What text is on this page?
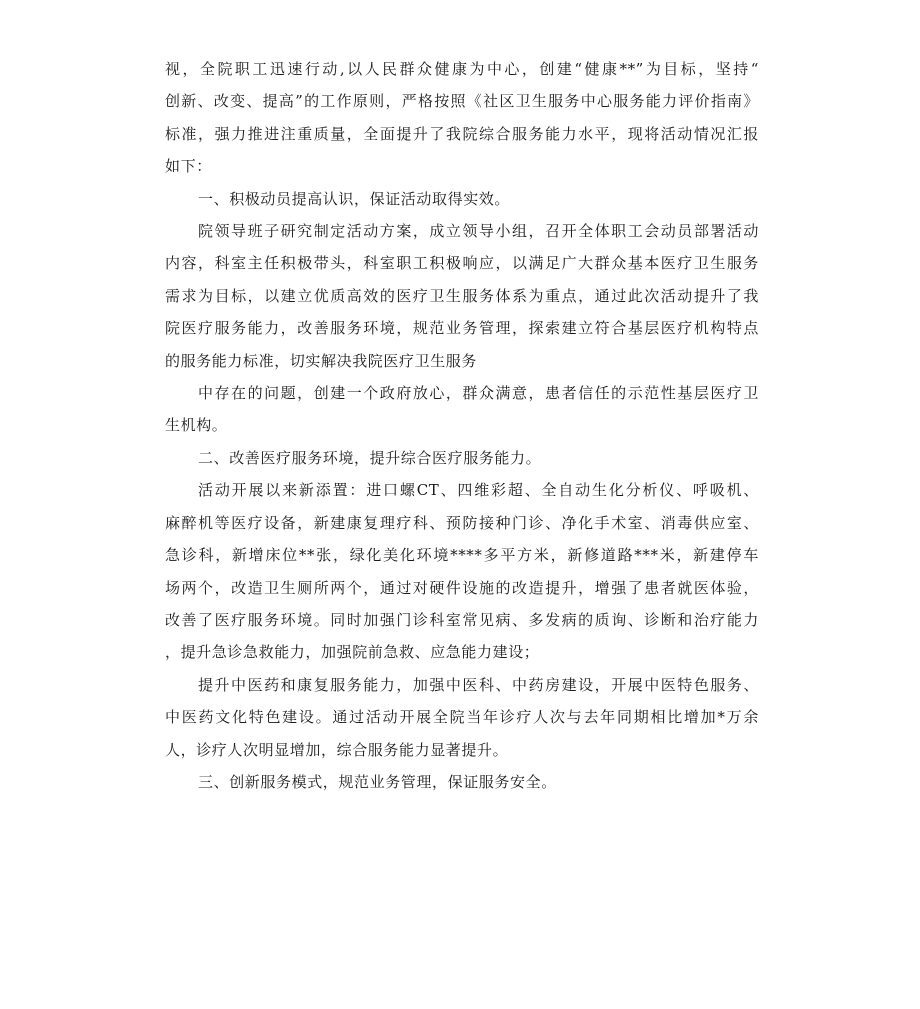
视，全院职工迅速行动,以人民群众健康为中心，创建“健康**”为目标，坚持“
创新、改变、提高”的工作原则，严格按照《社区卫生服务中心服务能力评价指南》
标准，强力推进注重质量，全面提升了我院综合服务能力水平，现将活动情况汇报
如下：
一、积极动员提高认识，保证活动取得实效。
院领导班子研究制定活动方案，成立领导小组，召开全体职工会动员部署活动
内容，科室主任积极带头，科室职工积极响应，以满足广大群众基本医疗卫生服务
需求为目标，以建立优质高效的医疗卫生服务体系为重点，通过此次活动提升了我
院医疗服务能力，改善服务环境，规范业务管理，探索建立符合基层医疗机构特点
的服务能力标准，切实解决我院医疗卫生服务
中存在的问题，创建一个政府放心，群众满意，患者信任的示范性基层医疗卫
生机构。
二、改善医疗服务环境，提升综合医疗服务能力。
活动开展以来新添置：进口螺CT、四维彩超、全自动生化分析仪、呼吸机、
麻醉机等医疗设备，新建康复理疗科、预防接种门诊、净化手术室、消毒供应室、
急诊科，新增床位**张，绿化美化环境****多平方米，新修道路***米，新建停车
场两个，改造卫生厕所两个，通过对硬件设施的改造提升，增强了患者就医体验，
改善了医疗服务环境。同时加强门诊科室常见病、多发病的质询、诊断和治疗能力
，提升急诊急救能力，加强院前急救、应急能力建设；
提升中医药和康复服务能力，加强中医科、中药房建设，开展中医特色服务、
中医药文化特色建设。通过活动开展全院当年诊疗人次与去年同期相比增加*万余
人，诊疗人次明显增加，综合服务能力显著提升。
三、创新服务模式，规范业务管理，保证服务安全。
